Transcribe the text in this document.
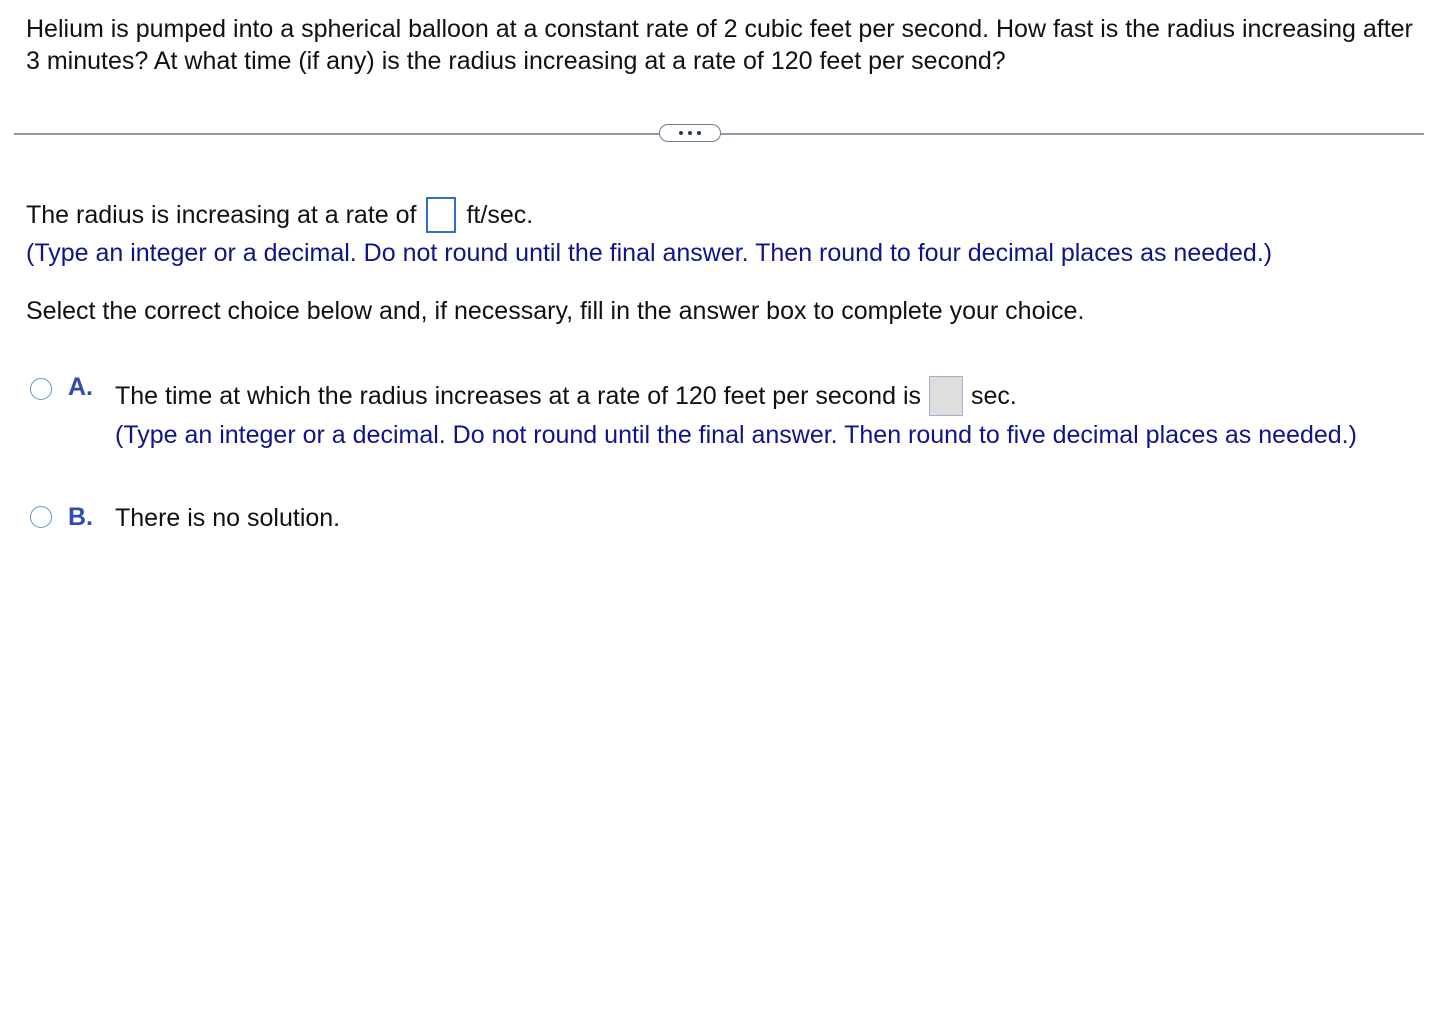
Helium is pumped into a spherical balloon at a constant rate of 2 cubic feet per second. How fast is the radius increasing after 3 minutes? At what time (if any) is the radius increasing at a rate of 120 feet per second?
The radius is increasing at a rate of ft/sec.
(Type an integer or a decimal. Do not round until the final answer. Then round to four decimal places as needed.)
Select the correct choice below and, if necessary, fill in the answer box to complete your choice.
A. The time at which the radius increases at a rate of 120 feet per second is sec.
(Type an integer or a decimal. Do not round until the final answer. Then round to five decimal places as needed.)
B. There is no solution.
